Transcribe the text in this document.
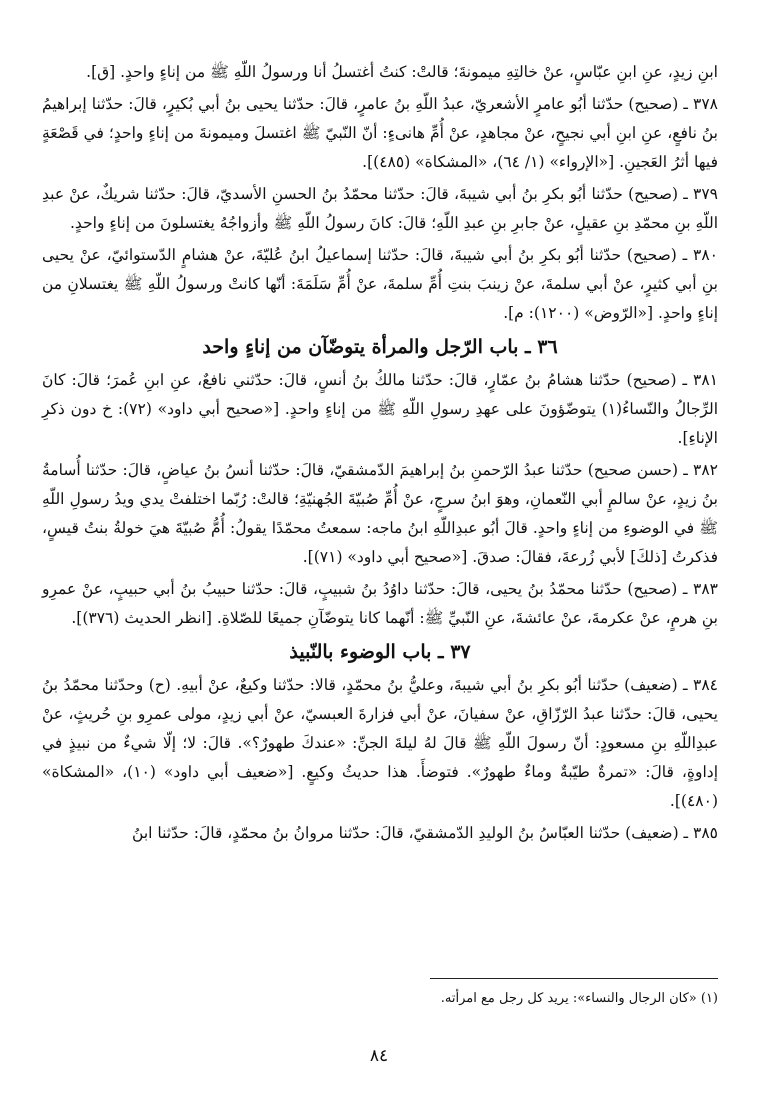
ابنِ زيدٍ، عنِ ابنِ عبّاسٍ، عنْ خالتِهِ ميمونةَ؛ قالتْ: كنتُ أغتسلُ أنا ورسولُ اللّهِ ﷺ من إناءٍ واحدٍ. [ق].

٣٧٨ ـ (صحيح) حدّثنا أبُو عامرٍ الأشعريّ، عبدُ اللّهِ بنُ عامرٍ، قالَ: حدّثنا يحيى بنُ أبي بُكيرٍ، قالَ: حدّثنا إبراهيمُ بنُ نافعٍ، عنِ ابنِ أبي نجيحٍ، عنْ مجاهدٍ، عنْ أُمِّ هانىءٍ: أنّ النّبيّ ﷺ اغتسلَ وميمونةَ من إناءٍ واحدٍ؛ في قَصْعَةٍ فيها أثرُ العَجينِ. [«الإرواء» (١/ ٦٤)، «المشكاة» (٤٨٥)].

٣٧٩ ـ (صحيح) حدّثنا أبُو بكرِ بنُ أبي شيبةَ، قالَ: حدّثنا محمّدُ بنُ الحسنِ الأسديّ، قالَ: حدّثنا شريكٌ، عنْ عبدِ اللّهِ بنِ محمّدِ بنِ عقيلٍ، عنْ جابرِ بنِ عبدِ اللّهِ؛ قالَ: كانَ رسولُ اللّهِ ﷺ وأزواجُهُ يغتسلونَ من إناءٍ واحدٍ.

٣٨٠ ـ (صحيح) حدّثنا أبُو بكرِ بنُ أبي شيبةَ، قالَ: حدّثنا إسماعيلُ ابنُ عُليّةَ، عنْ هشامٍ الدّستوائيّ، عنْ يحيى بنِ أبي كثيرٍ، عنْ أبي سلمةَ، عنْ زينبَ بنتِ أُمِّ سلمةَ، عنْ أُمِّ سَلَمَةَ: أنّها كانتْ ورسولُ اللّهِ ﷺ يغتسلانِ من إناءٍ واحدٍ. [«الرّوض» (١٢٠٠): م].

٣٦ ـ باب الرّجل والمرأة يتوضّآن من إناءٍ واحد

٣٨١ ـ (صحيح) حدّثنا هشامُ بنُ عمّارٍ، قالَ: حدّثنا مالكُ بنُ أنسٍ، قالَ: حدّثني نافعٌ، عنِ ابنِ عُمرَ؛ قالَ: كانَ الرِّجالُ والنّساءُ(١) يتوضّؤونَ على عهدِ رسولِ اللّهِ ﷺ من إناءٍ واحدٍ. [«صحيح أبي داود» (٧٢): خ دون ذكرِ الإناءِ].

٣٨٢ ـ (حسن صحيح) حدّثنا عبدُ الرّحمنِ بنُ إبراهيمَ الدّمشقيّ، قالَ: حدّثنا أنسُ بنُ عياضٍ، قالَ: حدّثنا أُسامةُ بنُ زيدٍ، عنْ سالمٍ أبي النّعمانِ، وهوَ ابنُ سرجٍ، عنْ أُمِّ صُبيّةَ الجُهنيّةِ؛ قالتْ: رُبّما اختلفتْ يدي ويدُ رسولِ اللّهِ ﷺ في الوضوءِ من إناءٍ واحدٍ. قالَ أبُو عبدِاللّهِ ابنُ ماجه: سمعتُ محمّدًا يقولُ: أُمُّ صُبيّةَ هيَ خولةُ بنتُ قيسٍ، فذكرتُ [ذلكَ] لأبي زُرعةَ، فقالَ: صدقَ. [«صحيح أبي داود» (٧١)].

٣٨٣ ـ (صحيح) حدّثنا محمّدُ بنُ يحيى، قالَ: حدّثنا داوُدُ بنُ شبيبٍ، قالَ: حدّثنا حبيبُ بنُ أبي حبيبٍ، عنْ عمرِو بنِ هرمٍ، عنْ عكرمةَ، عنْ عائشةَ، عنِ النّبيِّ ﷺ: أنّهما كانا يتوضّآنِ جميعًا للصّلاةِ. [انظر الحديث (٣٧٦)].

٣٧ ـ باب الوضوء بالنّبيذ

٣٨٤ ـ (ضعيف) حدّثنا أبُو بكرِ بنُ أبي شيبةَ، وعليُّ بنُ محمّدٍ، قالا: حدّثنا وكيعٌ، عنْ أبيهِ. (ح) وحدّثنا محمّدُ بنُ يحيى، قالَ: حدّثنا عبدُ الرّزّاقِ، عنْ سفيانَ، عنْ أبي فزارةَ العبسيّ، عنْ أبي زيدٍ، مولى عمرِو بنِ حُريثٍ، عنْ عبدِاللّهِ بنِ مسعودٍ: أنّ رسولَ اللّهِ ﷺ قالَ لهُ ليلةَ الجنِّ: «عندكَ طهورٌ؟». قالَ: لا؛ إلّا شيءٌ من نبيذٍ في إداوةٍ، قالَ: «تمرةٌ طيّبةٌ وماءٌ طهورٌ». فتوضأَ. هذا حديثُ وكيعٍ. [«ضعيف أبي داود» (١٠)، «المشكاة» (٤٨٠)].

٣٨٥ ـ (ضعيف) حدّثنا العبّاسُ بنُ الوليدِ الدّمشقيّ، قالَ: حدّثنا مروانُ بنُ محمّدٍ، قالَ: حدّثنا ابنُ

(١) «كان الرجال والنساء»: يريد كل رجل مع امرأته.
٨٤
